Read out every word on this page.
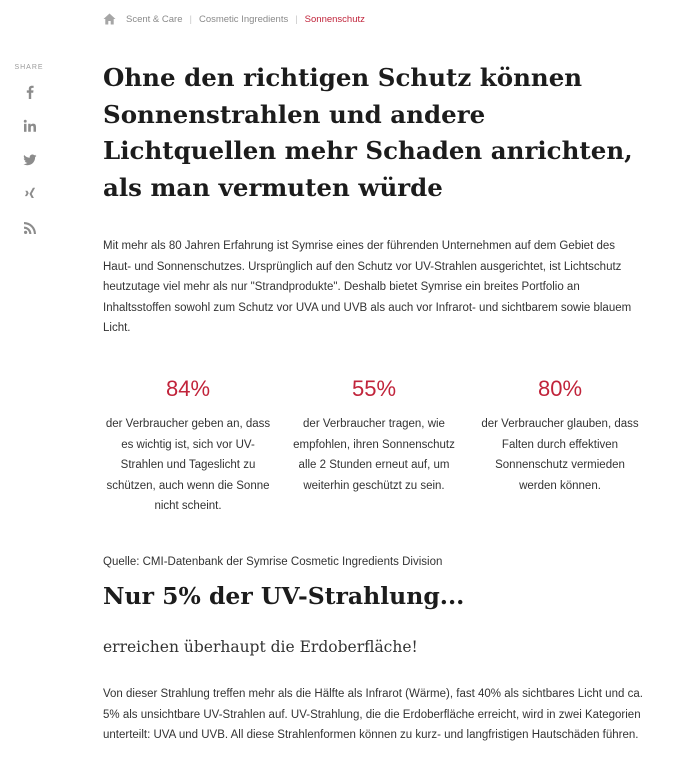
Scent & Care | Cosmetic Ingredients | Sonnenschutz
SHARE Ohne den richtigen Schutz können Sonnenstrahlen und andere Lichtquellen mehr Schaden anrichten, als man vermuten würde

Mit mehr als 80 Jahren Erfahrung ist Symrise eines der führenden Unternehmen auf dem Gebiet des Haut- und Sonnenschutzes. Ursprünglich auf den Schutz vor UV-Strahlen ausgerichtet, ist Lichtschutz heutzutage viel mehr als nur "Strandprodukte". Deshalb bietet Symrise ein breites Portfolio an Inhaltsstoffen sowohl zum Schutz vor UVA und UVB als auch vor Infrarot- und sichtbarem sowie blauem Licht.

84%
der Verbraucher geben an, dass es wichtig ist, sich vor UV-Strahlen und Tageslicht zu schützen, auch wenn die Sonne nicht scheint.
55%
der Verbraucher tragen, wie empfohlen, ihren Sonnenschutz alle 2 Stunden erneut auf, um weiterhin geschützt zu sein.
80%
der Verbraucher glauben, dass Falten durch effektiven Sonnenschutz vermieden werden können.
Quelle: CMI-Datenbank der Symrise Cosmetic Ingredients Division
Nur 5% der UV-Strahlung...
erreichen überhaupt die Erdoberfläche!

Von dieser Strahlung treffen mehr als die Hälfte als Infrarot (Wärme), fast 40% als sichtbares Licht und ca. 5% als unsichtbare UV-Strahlen auf. UV-Strahlung, die die Erdoberfläche erreicht, wird in zwei Kategorien unterteilt: UVA und UVB. All diese Strahlenformen können zu kurz- und langfristigen Hautschäden führen.
